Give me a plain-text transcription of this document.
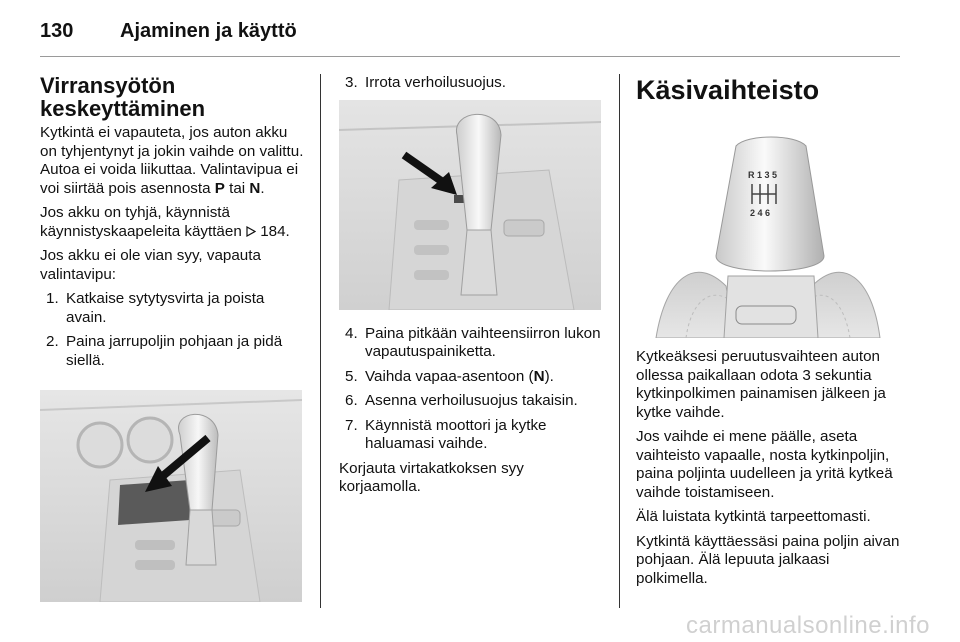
130 Ajaminen ja käyttö
Virransyötön
keskeyttäminen

Kytkintä ei vapauteta, jos auton akku on tyhjentynyt ja jokin vaihde on valittu. Autoa ei voida liikuttaa. Valintavipua ei voi siirtää pois asennosta P tai N.

Jos akku on tyhjä, käynnistä käynnistyskaapeleita käyttäen  184.

Jos akku ei ole vian syy, vapauta valintavipu:

1. Katkaise sytytysvirta ja poista avain.
2. Paina jarrupoljin pohjaan ja pidä siellä.
3. Irrota verhoilusuojus.
4. Paina pitkään vaihteensiirron lukon vapautuspainiketta.
5. Vaihda vapaa-asentoon (N).
6. Asenna verhoilusuojus takaisin.
7. Käynnistä moottori ja kytke haluamasi vaihde.

Korjauta virtakatkoksen syy korjaamolla.

Käsivaihteisto
R 1 3 5
2 4 6

Kytkeäksesi peruutusvaihteen auton ollessa paikallaan odota 3 sekuntia kytkinpolkimen painamisen jälkeen ja kytke vaihde.

Jos vaihde ei mene päälle, aseta vaihteisto vapaalle, nosta kytkinpoljin, paina poljinta uudelleen ja yritä kytkeä vaihde toistamiseen.

Älä luistata kytkintä tarpeettomasti.

Kytkintä käyttäessäsi paina poljin aivan pohjaan. Älä lepuuta jalkaasi polkimella.

carmanualsonline.info
